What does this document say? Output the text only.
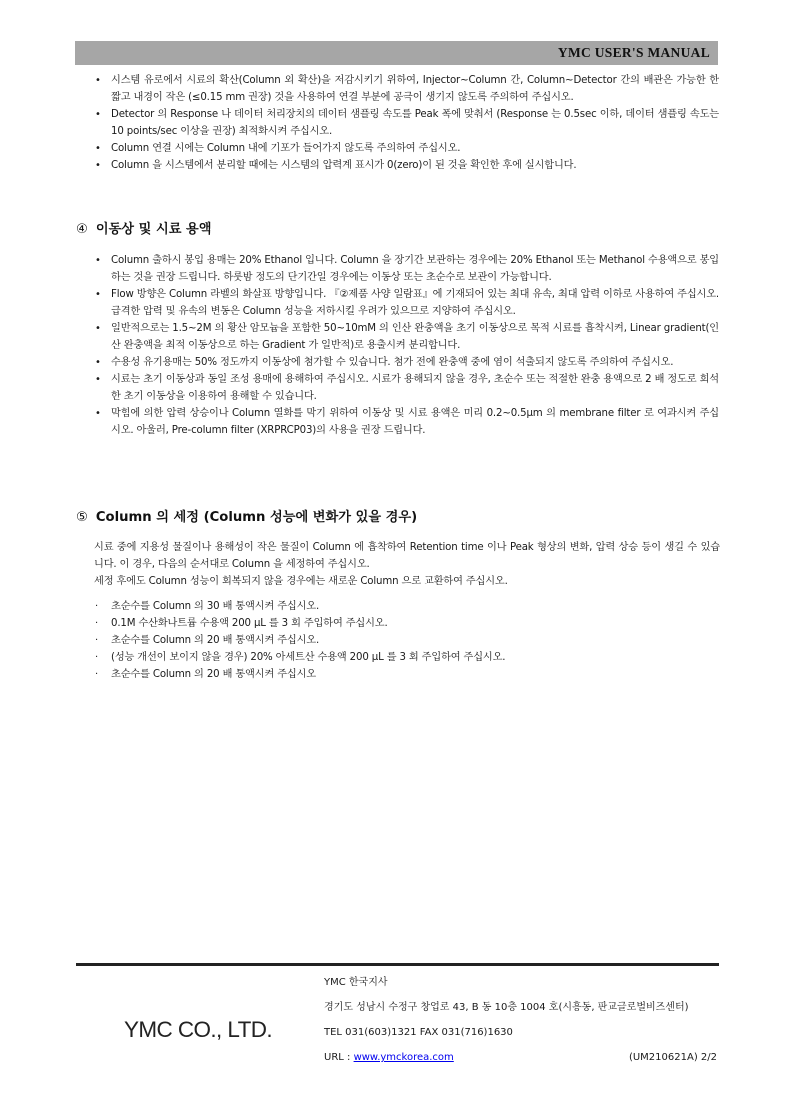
YMC USER'S MANUAL
• 시스템 유로에서 시료의 확산(Column 외 확산)을 저감시키기 위하여, Injector~Column 간, Column~Detector 간의 배관은 가능한 한 짧고 내경이 작은 (≤0.15 mm 권장) 것을 사용하여 연결 부분에 공극이 생기지 않도록 주의하여 주십시오.
• Detector 의 Response 나 데이터 처리장치의 데이터 샘플링 속도를 Peak 폭에 맞춰서 (Response 는 0.5sec 이하, 데이터 샘플링 속도는 10 points/sec 이상을 권장) 최적화시켜 주십시오.
• Column 연결 시에는 Column 내에 기포가 들어가지 않도록 주의하여 주십시오.
• Column 을 시스템에서 분리할 때에는 시스템의 압력계 표시가 0(zero)이 된 것을 확인한 후에 실시합니다.
④ 이동상 및 시료 용액
• Column 출하시 봉입 용매는 20% Ethanol 입니다. Column 을 장기간 보관하는 경우에는 20% Ethanol 또는 Methanol 수용액으로 봉입하는 것을 권장 드립니다. 하룻밤 정도의 단기간일 경우에는 이동상 또는 초순수로 보관이 가능합니다.
• Flow 방향은 Column 라벨의 화살표 방향입니다. 『②제품 사양 일람표』에 기재되어 있는 최대 유속, 최대 압력 이하로 사용하여 주십시오. 급격한 압력 및 유속의 변동은 Column 성능을 저하시킬 우려가 있으므로 지양하여 주십시오.
• 일반적으로는 1.5~2M 의 황산 암모늄을 포함한 50~10mM 의 인산 완충액을 초기 이동상으로 목적 시료를 흡착시켜, Linear gradient(인산 완충액을 최적 이동상으로 하는 Gradient 가 일반적)로 용출시켜 분리합니다.
• 수용성 유기용매는 50% 정도까지 이동상에 첨가할 수 있습니다. 첨가 전에 완충액 중에 염이 석출되지 않도록 주의하여 주십시오.
• 시료는 초기 이동상과 동일 조성 용매에 용해하여 주십시오. 시료가 용해되지 않을 경우, 초순수 또는 적절한 완충 용액으로 2 배 정도로 희석한 초기 이동상을 이용하여 용해할 수 있습니다.
• 막힘에 의한 압력 상승이나 Column 열화를 막기 위하여 이동상 및 시료 용액은 미리 0.2~0.5μm 의 membrane filter 로 여과시켜 주십시오. 아울러, Pre-column filter (XRPRCP03)의 사용을 권장 드립니다.
⑤ Column 의 세정 (Column 성능에 변화가 있을 경우)

시료 중에 지용성 물질이나 용해성이 작은 물질이 Column 에 흡착하여 Retention time 이나 Peak 형상의 변화, 압력 상승 등이 생길 수 있습니다. 이 경우, 다음의 순서대로 Column 을 세정하여 주십시오.

세정 후에도 Column 성능이 회복되지 않을 경우에는 새로운 Column 으로 교환하여 주십시오.

· 초순수를 Column 의 30 배 통액시켜 주십시오.
· 0.1M 수산화나트륨 수용액 200 μL 를 3 회 주입하여 주십시오.
· 초순수를 Column 의 20 배 통액시켜 주십시오.
· (성능 개선이 보이지 않을 경우) 20% 아세트산 수용액 200 μL 를 3 회 주입하여 주십시오.
· 초순수를 Column 의 20 배 통액시켜 주십시오
YMC CO., LTD.
YMC 한국지사
경기도 성남시 수정구 창업로 43, B 동 10층 1004 호(시흥동, 판교글로벌비즈센터)
TEL 031(603)1321 FAX 031(716)1630
URL : www.ymckorea.com	(UM210621A) 2/2
